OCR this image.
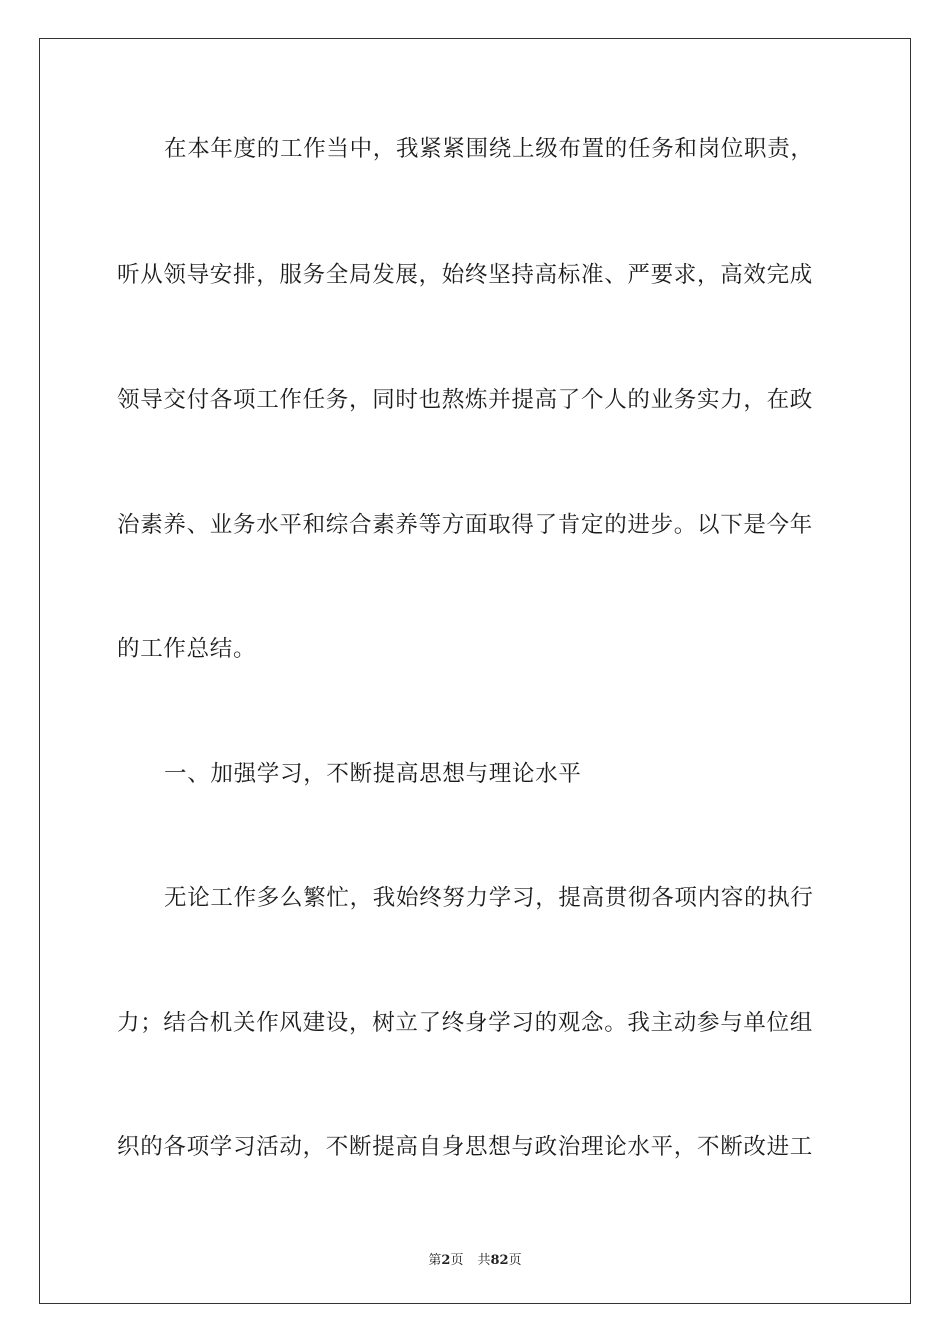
在本年度的工作当中，我紧紧围绕上级布置的任务和岗位职责，
听从领导安排，服务全局发展，始终坚持高标准、严要求，高效完成
领导交付各项工作任务，同时也熬炼并提高了个人的业务实力，在政
治素养、业务水平和综合素养等方面取得了肯定的进步。以下是今年
的工作总结。
一、加强学习，不断提高思想与理论水平
无论工作多么繁忙，我始终努力学习，提高贯彻各项内容的执行
力；结合机关作风建设，树立了终身学习的观念。我主动参与单位组
织的各项学习活动，不断提高自身思想与政治理论水平，不断改进工
第2页 共82页
